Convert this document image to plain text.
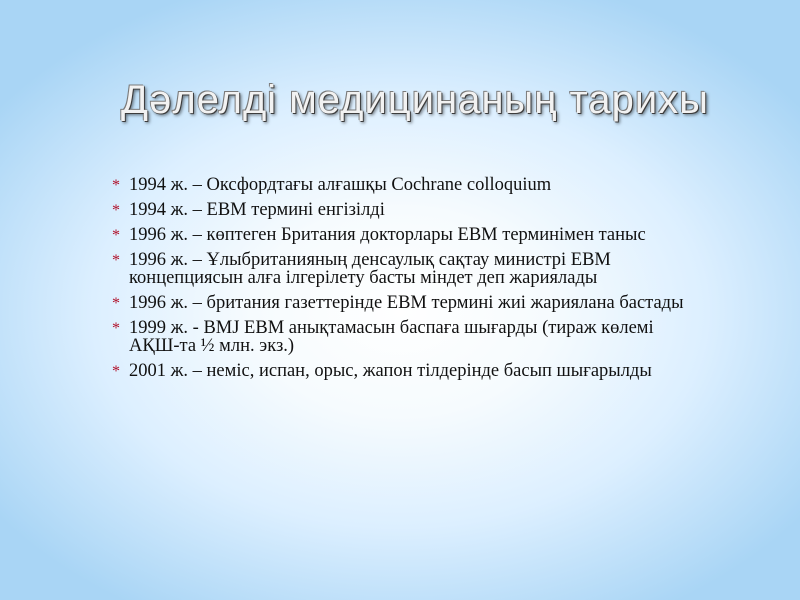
Дәлелді медицинаның тарихы
* 1994 ж. – Оксфордтағы алғашқы Cochrane colloquium
* 1994 ж. – EBM термині енгізілді
* 1996 ж. – көптеген Британия докторлары EBM терминімен таныс
* 1996 ж. – Ұлыбританияның денсаулық сақтау министрі EBM концепциясын алға ілгерілету басты міндет деп жариялады
* 1996 ж. – британия газеттерінде EBM термині жиі жариялана бастады
* 1999 ж. - BMJ EBM анықтамасын баспаға шығарды (тираж көлемі АҚШ-та ½ млн. экз.)
* 2001 ж. – неміс, испан, орыс, жапон тілдерінде басып шығарылды
